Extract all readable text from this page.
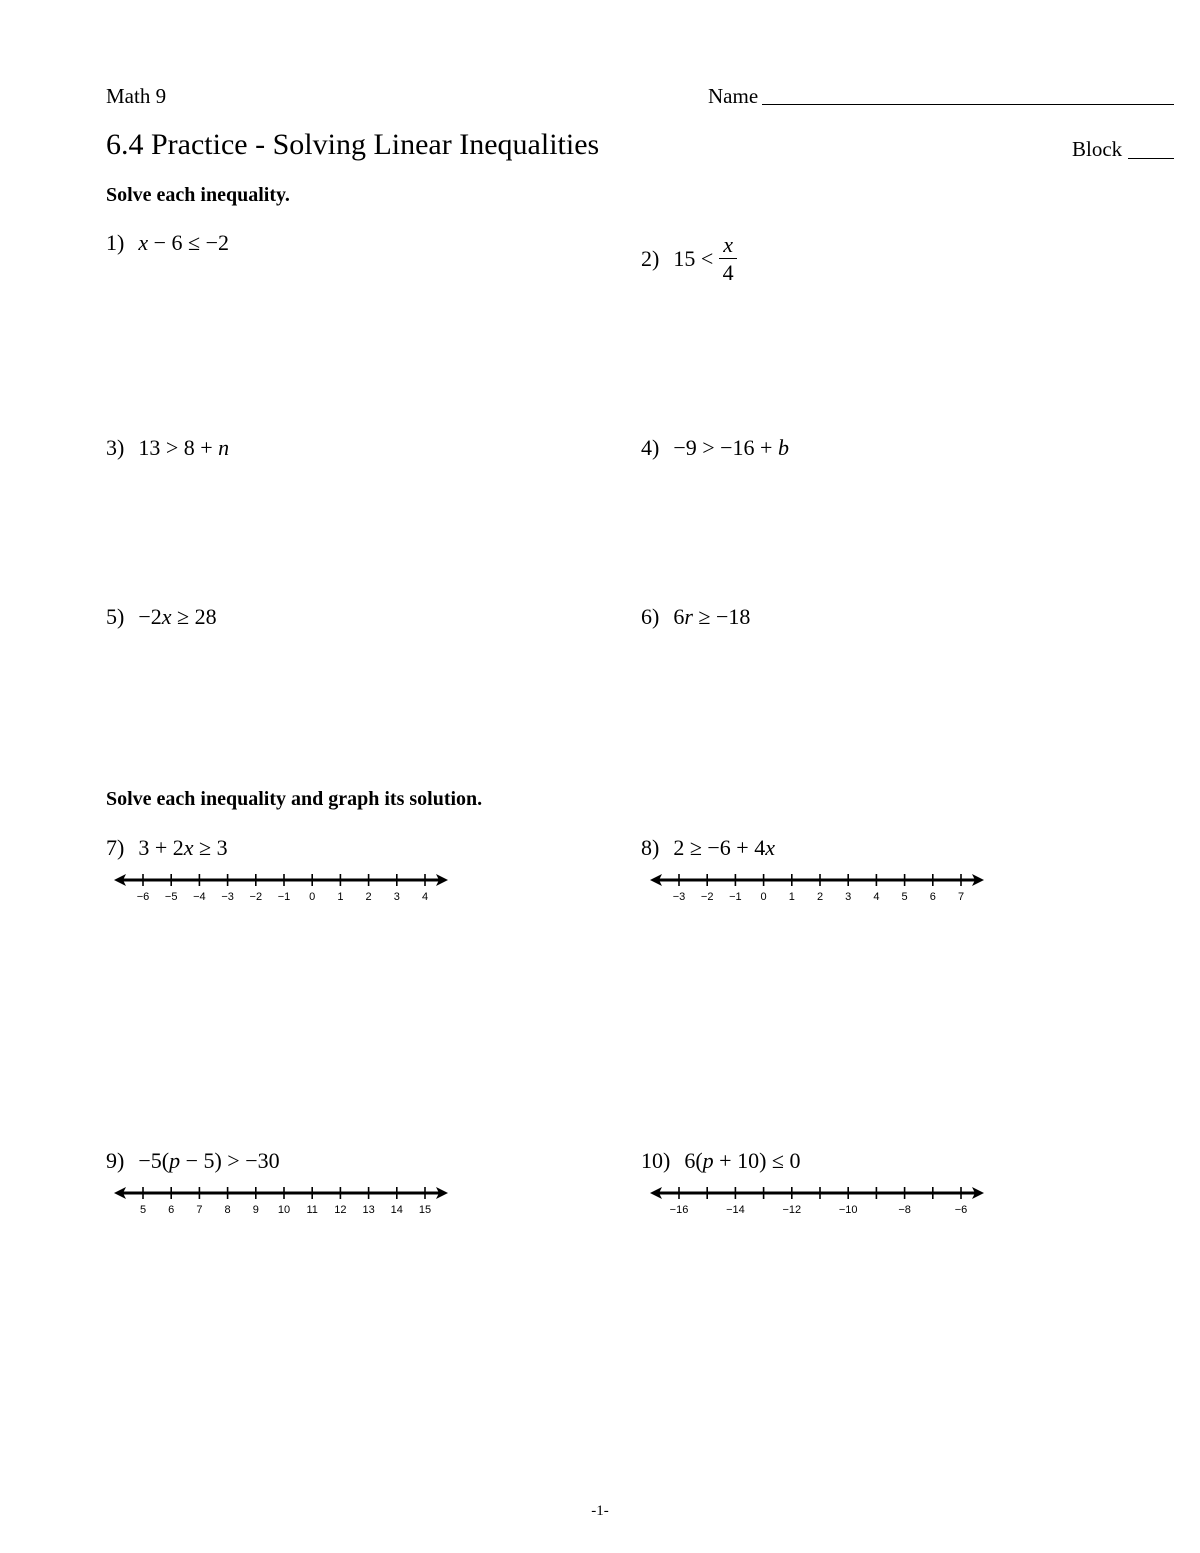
Math 9	Name
6.4 Practice - Solving Linear Inequalities	Block
Solve each inequality.
1) x − 6 ≤ −2
2) $15 < \frac{x}{4}$
3) 13 > 8 + n	4) −9 > −16 + b
5) −2 x ≥ 28	6) 6 r ≥ −18
Solve each inequality and graph its solution.
7) 3 + 2 x ≥ 3	8) 2 ≥ −6 + 4 x
9) −5( p − 5) > −30	10) 6( p + 10) ≤ 0
−6 −5 −4 −3 −2 −1 0 1 2 3 4	−3 −2 −1 0 1 2 3 4 5 6 7
5 6 7 8 9 10 11 12 13 14 15	−16	−14	−12	−10	−8	−6
-1-
